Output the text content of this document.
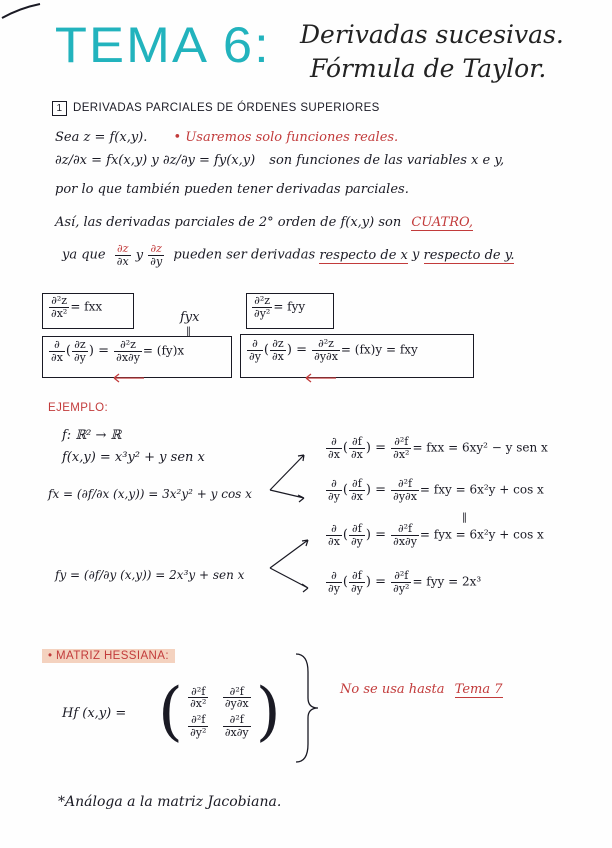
TEMA 6: Derivadas sucesivas.
Fórmula de Taylor.
1 DERIVADAS PARCIALES DE ÓRDENES SUPERIORES
Sea z = f(x,y). • Usaremos solo funciones reales.
∂z/∂x = fx(x,y) y ∂z/∂y = fy(x,y) son funciones de las variables x e y,
por lo que también pueden tener derivadas parciales.
Así, las derivadas parciales de 2° orden de f(x,y) son CUATRO,
ya que $\frac{\partial z}{\partial x}$ y $\frac{\partial z}{\partial y}$ pueden ser derivadas respecto de x y respecto de y.
$\frac{\text{∂²z}}{\text{∂x²}}$ = fxx
fyx
‖
$\frac{\partial}{\partial x}$ ( $\frac{\partial z}{\partial y}$ ) = $\frac{\text{∂²z}}{\partial x\partial y} = (fy)x$
$\frac{\text{∂²z}}{\text{∂y²}}$ = fyy
$\frac{\partial}{\partial y}$ ( $\frac{\partial z}{\partial x}$ ) = $\frac{\text{∂²z}}{\partial y\partial x} = (fx)y$ = fxy
EJEMPLO:
f: ℝ² → ℝ
f(x,y) = x³y² + y sen x
fx = (∂f/∂x (x,y)) = 3x²y² + y cos x
fy = (∂f/∂y (x,y)) = 2x³y + sen x
$\frac{\partial}{\partial x}$ ( $\frac{\partial f}{\partial x}$ ) = $\frac{\text{∂²f}}{\text{∂x²}}$ = fxx = 6xy² − y sen x
$\frac{\partial}{\partial y}$ ( $\frac{\partial f}{\partial x}$ ) = $\frac{\text{∂²f}}{\partial y\partial x}$ = fxy = 6x²y + cos x
‖
$\frac{\partial}{\partial x}$ ( $\frac{\partial f}{\partial y}$ ) = $\frac{\text{∂²f}}{\partial x\partial y}$ = fyx = 6x²y + cos x
$\frac{\partial}{\partial y}$ ( $\frac{\partial f}{\partial y}$ ) = $\frac{\text{∂²f}}{\text{∂y²}}$ = fyy = 2x³
• MATRIZ HESSIANA:
Hf (x,y) = ( $\frac{\text{∂²f}}{\text{∂x²}}$
$\frac{\text{∂²f}}{\partial y\partial x}$
$\frac{\text{∂²f}}{\text{∂y²}}$
$\frac{\text{∂²f}}{\partial x\partial y}$ )	No se usa hasta Tema 7
*Análoga a la matriz Jacobiana.
